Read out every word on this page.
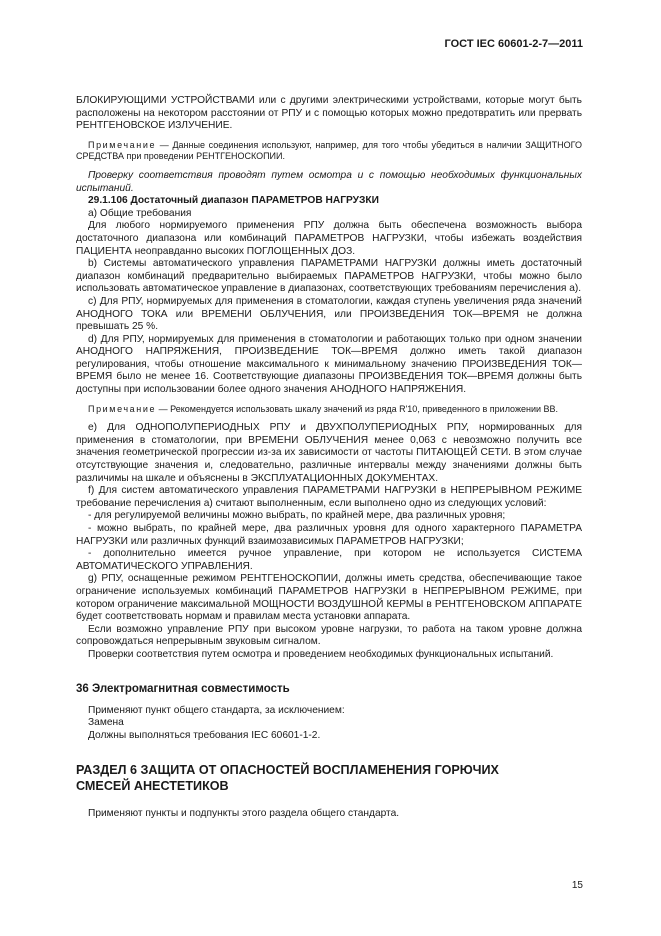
ГОСТ IEC 60601-2-7—2011

БЛОКИРУЮЩИМИ УСТРОЙСТВАМИ или с другими электрическими устройствами, которые могут быть расположены на некотором расстоянии от РПУ и с помощью которых можно предотвратить или прервать РЕНТГЕНОВСКОЕ ИЗЛУЧЕНИЕ.

Примечание — Данные соединения используют, например, для того чтобы убедиться в наличии ЗАЩИТНОГО СРЕДСТВА при проведении РЕНТГЕНОСКОПИИ.

Проверку соответствия проводят путем осмотра и с помощью необходимых функциональных испытаний.

29.1.106 Достаточный диапазон ПАРАМЕТРОВ НАГРУЗКИ

а) Общие требования

Для любого нормируемого применения РПУ должна быть обеспечена возможность выбора достаточного диапазона или комбинаций ПАРАМЕТРОВ НАГРУЗКИ, чтобы избежать воздействия ПАЦИЕНТА неоправданно высоких ПОГЛОЩЕННЫХ ДОЗ.

b) Системы автоматического управления ПАРАМЕТРАМИ НАГРУЗКИ должны иметь достаточный диапазон комбинаций предварительно выбираемых ПАРАМЕТРОВ НАГРУЗКИ, чтобы можно было использовать автоматическое управление в диапазонах, соответствующих требованиям перечисления а).

с) Для РПУ, нормируемых для применения в стоматологии, каждая ступень увеличения ряда значений АНОДНОГО ТОКА или ВРЕМЕНИ ОБЛУЧЕНИЯ, или ПРОИЗВЕДЕНИЯ ТОК—ВРЕМЯ не должна превышать 25 %.

d) Для РПУ, нормируемых для применения в стоматологии и работающих только при одном значении АНОДНОГО НАПРЯЖЕНИЯ, ПРОИЗВЕДЕНИЕ ТОК—ВРЕМЯ должно иметь такой диапазон регулирования, чтобы отношение максимального к минимальному значению ПРОИЗВЕДЕНИЯ ТОК—ВРЕМЯ было не менее 16. Соответствующие диапазоны ПРОИЗВЕДЕНИЯ ТОК—ВРЕМЯ должны быть доступны при использовании более одного значения АНОДНОГО НАПРЯЖЕНИЯ.

Примечание — Рекомендуется использовать шкалу значений из ряда R'10, приведенного в приложении ВВ.

е) Для ОДНОПОЛУПЕРИОДНЫХ РПУ и ДВУХПОЛУПЕРИОДНЫХ РПУ, нормированных для применения в стоматологии, при ВРЕМЕНИ ОБЛУЧЕНИЯ менее 0,063 с невозможно получить все значения геометрической прогрессии из-за их зависимости от частоты ПИТАЮЩЕЙ СЕТИ. В этом случае отсутствующие значения и, следовательно, различные интервалы между значениями должны быть различимы на шкале и объяснены в ЭКСПЛУАТАЦИОННЫХ ДОКУМЕНТАХ.

f) Для систем автоматического управления ПАРАМЕТРАМИ НАГРУЗКИ в НЕПРЕРЫВНОМ РЕЖИМЕ требование перечисления а) считают выполненным, если выполнено одно из следующих условий:

- для регулируемой величины можно выбрать, по крайней мере, два различных уровня;

- можно выбрать, по крайней мере, два различных уровня для одного характерного ПАРАМЕТРА НАГРУЗКИ или различных функций взаимозависимых ПАРАМЕТРОВ НАГРУЗКИ;

- дополнительно имеется ручное управление, при котором не используется СИСТЕМА АВТОМАТИЧЕСКОГО УПРАВЛЕНИЯ.

g) РПУ, оснащенные режимом РЕНТГЕНОСКОПИИ, должны иметь средства, обеспечивающие такое ограничение используемых комбинаций ПАРАМЕТРОВ НАГРУЗКИ в НЕПРЕРЫВНОМ РЕЖИМЕ, при котором ограничение максимальной МОЩНОСТИ ВОЗДУШНОЙ КЕРМЫ в РЕНТГЕНОВСКОМ АППАРАТЕ будет соответствовать нормам и правилам места установки аппарата.

Если возможно управление РПУ при высоком уровне нагрузки, то работа на таком уровне должна сопровождаться непрерывным звуковым сигналом.

Проверки соответствия путем осмотра и проведением необходимых функциональных испытаний.

36 Электромагнитная совместимость

Применяют пункт общего стандарта, за исключением:

Замена

Должны выполняться требования IEC 60601-1-2.

РАЗДЕЛ 6 ЗАЩИТА ОТ ОПАСНОСТЕЙ ВОСПЛАМЕНЕНИЯ ГОРЮЧИХ
СМЕСЕЙ АНЕСТЕТИКОВ

Применяют пункты и подпункты этого раздела общего стандарта.

15
